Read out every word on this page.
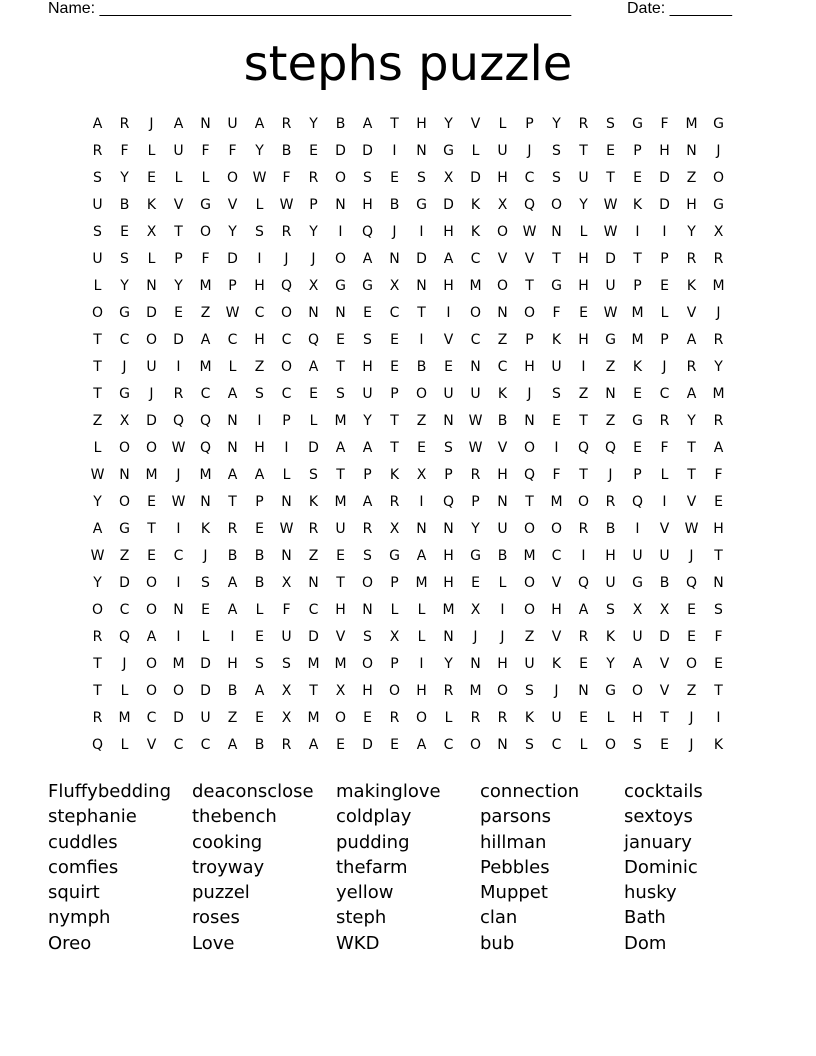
Name: _____________________________________________________	Date: _______
stephs puzzle
A	R	J	A	N	U	A	R	Y	B	A	T	H	Y	V	L	P	Y	R	S	G	F	M	G
R	F	L	U	F	F	Y	B	E	D	D	I	N	G	L	U	J	S	T	E	P	H	N	J
S	Y	E	L	L	O	W	F	R	O	S	E	S	X	D	H	C	S	U	T	E	D	Z	O
U	B	K	V	G	V	L	W	P	N	H	B	G	D	K	X	Q	O	Y	W	K	D	H	G
S	E	X	T	O	Y	S	R	Y	I	Q	J	I	H	K	O	W	N	L	W	I	I	Y	X
U	S	L	P	F	D	I	J	J	O	A	N	D	A	C	V	V	T	H	D	T	P	R	R
L	Y	N	Y	M	P	H	Q	X	G	G	X	N	H	M	O	T	G	H	U	P	E	K	M
O	G	D	E	Z	W	C	O	N	N	E	C	T	I	O	N	O	F	E	W	M	L	V	J
T	C	O	D	A	C	H	C	Q	E	S	E	I	V	C	Z	P	K	H	G	M	P	A	R
T	J	U	I	M	L	Z	O	A	T	H	E	B	E	N	C	H	U	I	Z	K	J	R	Y
T	G	J	R	C	A	S	C	E	S	U	P	O	U	U	K	J	S	Z	N	E	C	A	M
Z	X	D	Q	Q	N	I	P	L	M	Y	T	Z	N	W	B	N	E	T	Z	G	R	Y	R
L	O	O	W	Q	N	H	I	D	A	A	T	E	S	W	V	O	I	Q	Q	E	F	T	A
W	N	M	J	M	A	A	L	S	T	P	K	X	P	R	H	Q	F	T	J	P	L	T	F
Y	O	E	W	N	T	P	N	K	M	A	R	I	Q	P	N	T	M	O	R	Q	I	V	E
A	G	T	I	K	R	E	W	R	U	R	X	N	N	Y	U	O	O	R	B	I	V	W	H
W	Z	E	C	J	B	B	N	Z	E	S	G	A	H	G	B	M	C	I	H	U	U	J	T
Y	D	O	I	S	A	B	X	N	T	O	P	M	H	E	L	O	V	Q	U	G	B	Q	N
O	C	O	N	E	A	L	F	C	H	N	L	L	M	X	I	O	H	A	S	X	X	E	S
R	Q	A	I	L	I	E	U	D	V	S	X	L	N	J	J	Z	V	R	K	U	D	E	F
T	J	O	M	D	H	S	S	M	M	O	P	I	Y	N	H	U	K	E	Y	A	V	O	E
T	L	O	O	D	B	A	X	T	X	H	O	H	R	M	O	S	J	N	G	O	V	Z	T
R	M	C	D	U	Z	E	X	M	O	E	R	O	L	R	R	K	U	E	L	H	T	J	I
Q	L	V	C	C	A	B	R	A	E	D	E	A	C	O	N	S	C	L	O	S	E	J	K
Fluffybedding	deaconsclose	makinglove	connection	cocktails
stephanie	thebench	coldplay	parsons	sextoys
cuddles	cooking	pudding	hillman	january
comfies	troyway	thefarm	Pebbles	Dominic
squirt	puzzel	yellow	Muppet	husky
nymph	roses	steph	clan	Bath
Oreo	Love	WKD	bub	Dom
